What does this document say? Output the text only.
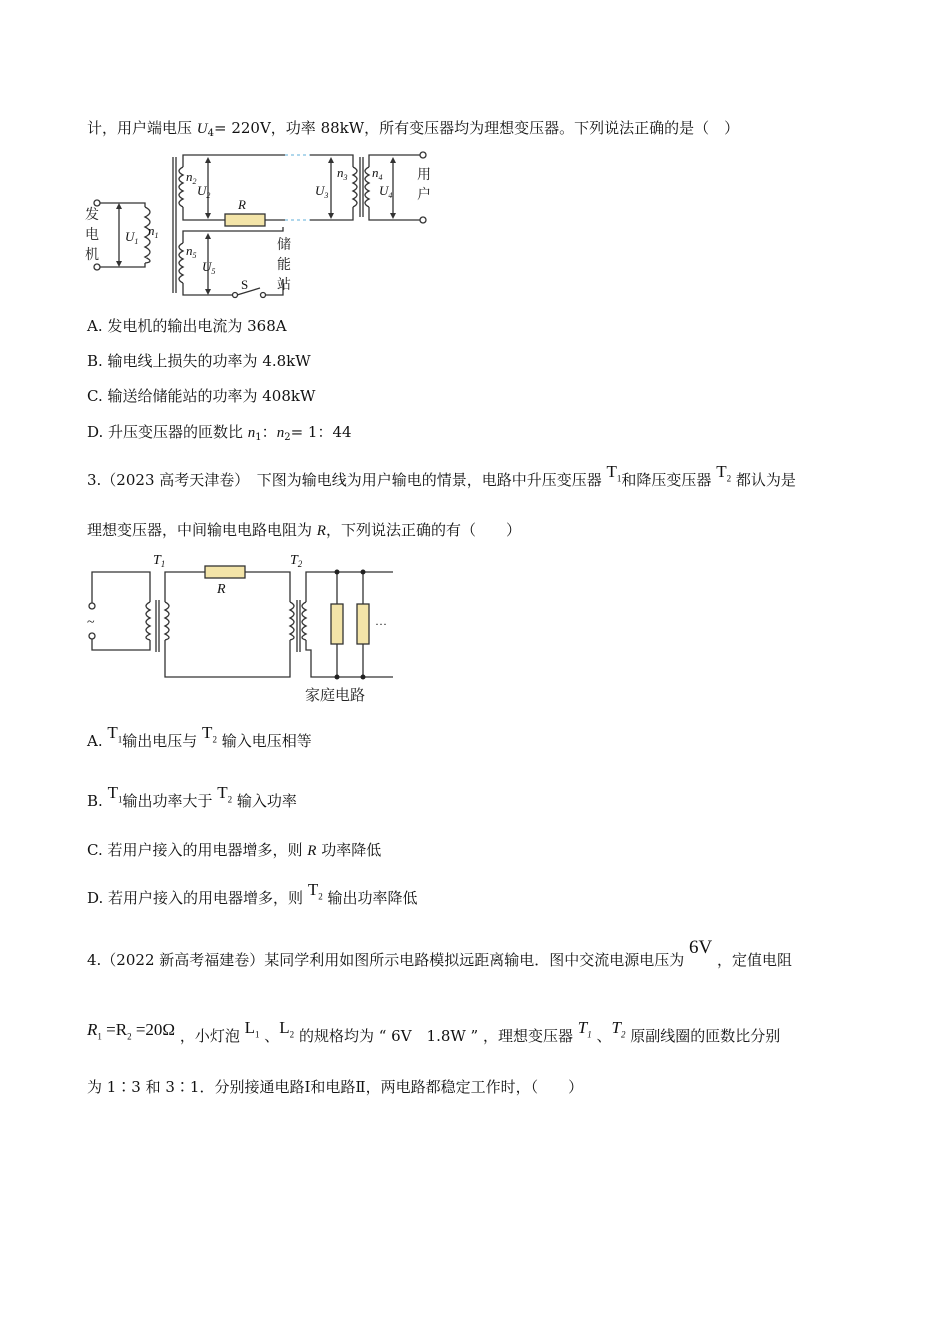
计，用户端电压 $U_4= 220V$，功率 88kW，所有变压器均为理想变压器。下列说法正确的是（　）
$U_1$
$n_1$
$n_2$
$U_2$
R
$U_3$
$n_3$ $n_4$
$U_4$
$n_5$
$U_5$
S
发
电
机
用
户
储
能
站
A. 发电机的输出电流为 368A
B. 输电线上损失的功率为 4.8kW
C. 输送给储能站的功率为 408kW
D. 升压变压器的匝数比 $n_1$：$n_2= 1$：44
3.（2023 高考天津卷）　下图为输电线为用户输电的情景，电路中升压变压器 $T_1$和降压变压器 $T_2$ 都认为是
理想变压器，中间输电电路电阻为 R，下列说法正确的有（　　）
$T_1$	$T_2$
R
~	···
家庭电路
A. $T_1$输出电压与 $T_2$ 输入电压相等
B. $T_1$输出功率大于 $T_2$ 输入功率
C. 若用户接入的用电器增多，则 R 功率降低
D. 若用户接入的用电器增多，则 $T_2$ 输出功率降低
4.（2022 新高考福建卷）某同学利用如图所示电路模拟远距离输电．图中交流电源电压为 6V ，定值电阻
$R_1 =R_2 =20\Omega$ ，小灯泡 $L_1$ 、$L_2$ 的规格均为 “ 6V　1.8W ” ，理想变压器 $T_1$ 、$T_2$ 原副线圈的匝数比分别
为 1∶3 和 3∶1．分别接通电路Ⅰ和电路Ⅱ，两电路都稳定工作时，（　　）
